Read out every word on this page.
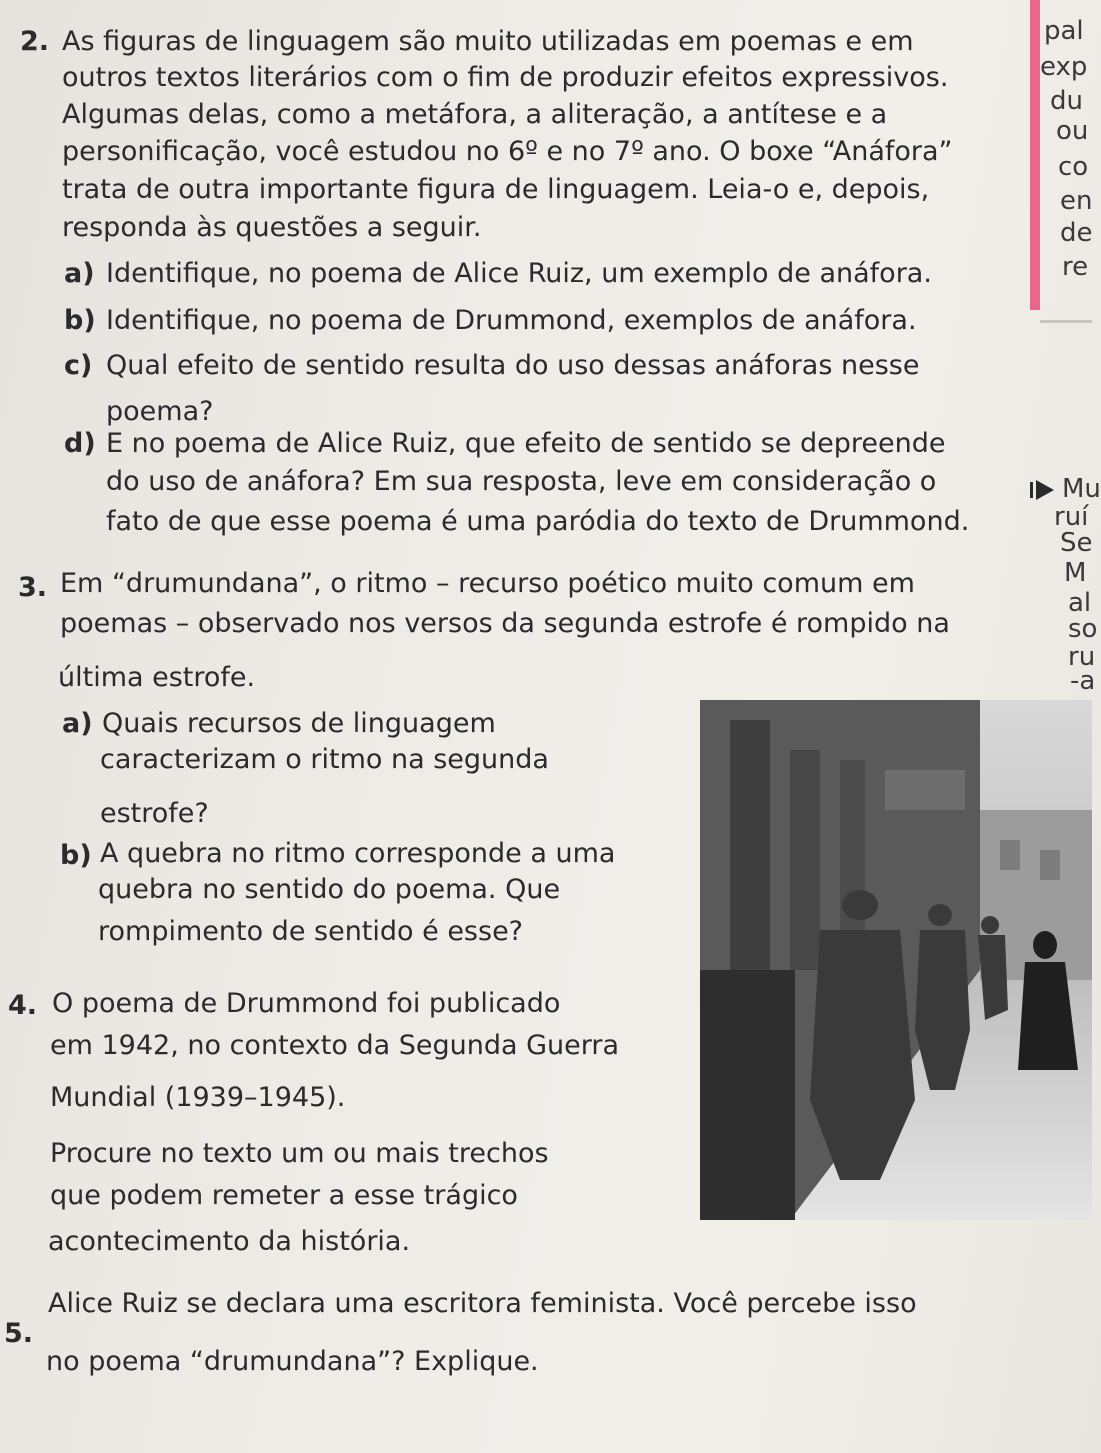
2. As figuras de linguagem são muito utilizadas em poemas e em
outros textos literários com o fim de produzir efeitos expressivos.
Algumas delas, como a metáfora, a aliteração, a antítese e a
personificação, você estudou no 6º e no 7º ano. O boxe “Anáfora”
trata de outra importante figura de linguagem. Leia-o e, depois,
responda às questões a seguir.
a) Identifique, no poema de Alice Ruiz, um exemplo de anáfora.
b) Identifique, no poema de Drummond, exemplos de anáfora.
c) Qual efeito de sentido resulta do uso dessas anáforas nesse
poema?
d) E no poema de Alice Ruiz, que efeito de sentido se depreende
do uso de anáfora? Em sua resposta, leve em consideração o
fato de que esse poema é uma paródia do texto de Drummond.
3. Em “drumundana”, o ritmo – recurso poético muito comum em
poemas – observado nos versos da segunda estrofe é rompido na
última estrofe.
a) Quais recursos de linguagem
caracterizam o ritmo na segunda
estrofe?
b) A quebra no ritmo corresponde a uma
quebra no sentido do poema. Que
rompimento de sentido é esse?
4. O poema de Drummond foi publicado
em 1942, no contexto da Segunda Guerra
Mundial (1939–1945).
Procure no texto um ou mais trechos
que podem remeter a esse trágico
acontecimento da história.
5.
Alice Ruiz se declara uma escritora feminista. Você percebe isso
no poema “drumundana”? Explique.
pal
exp
du
ou
co
en
de
re
Mu
ruí
Se
M
al
so
ru
-a
